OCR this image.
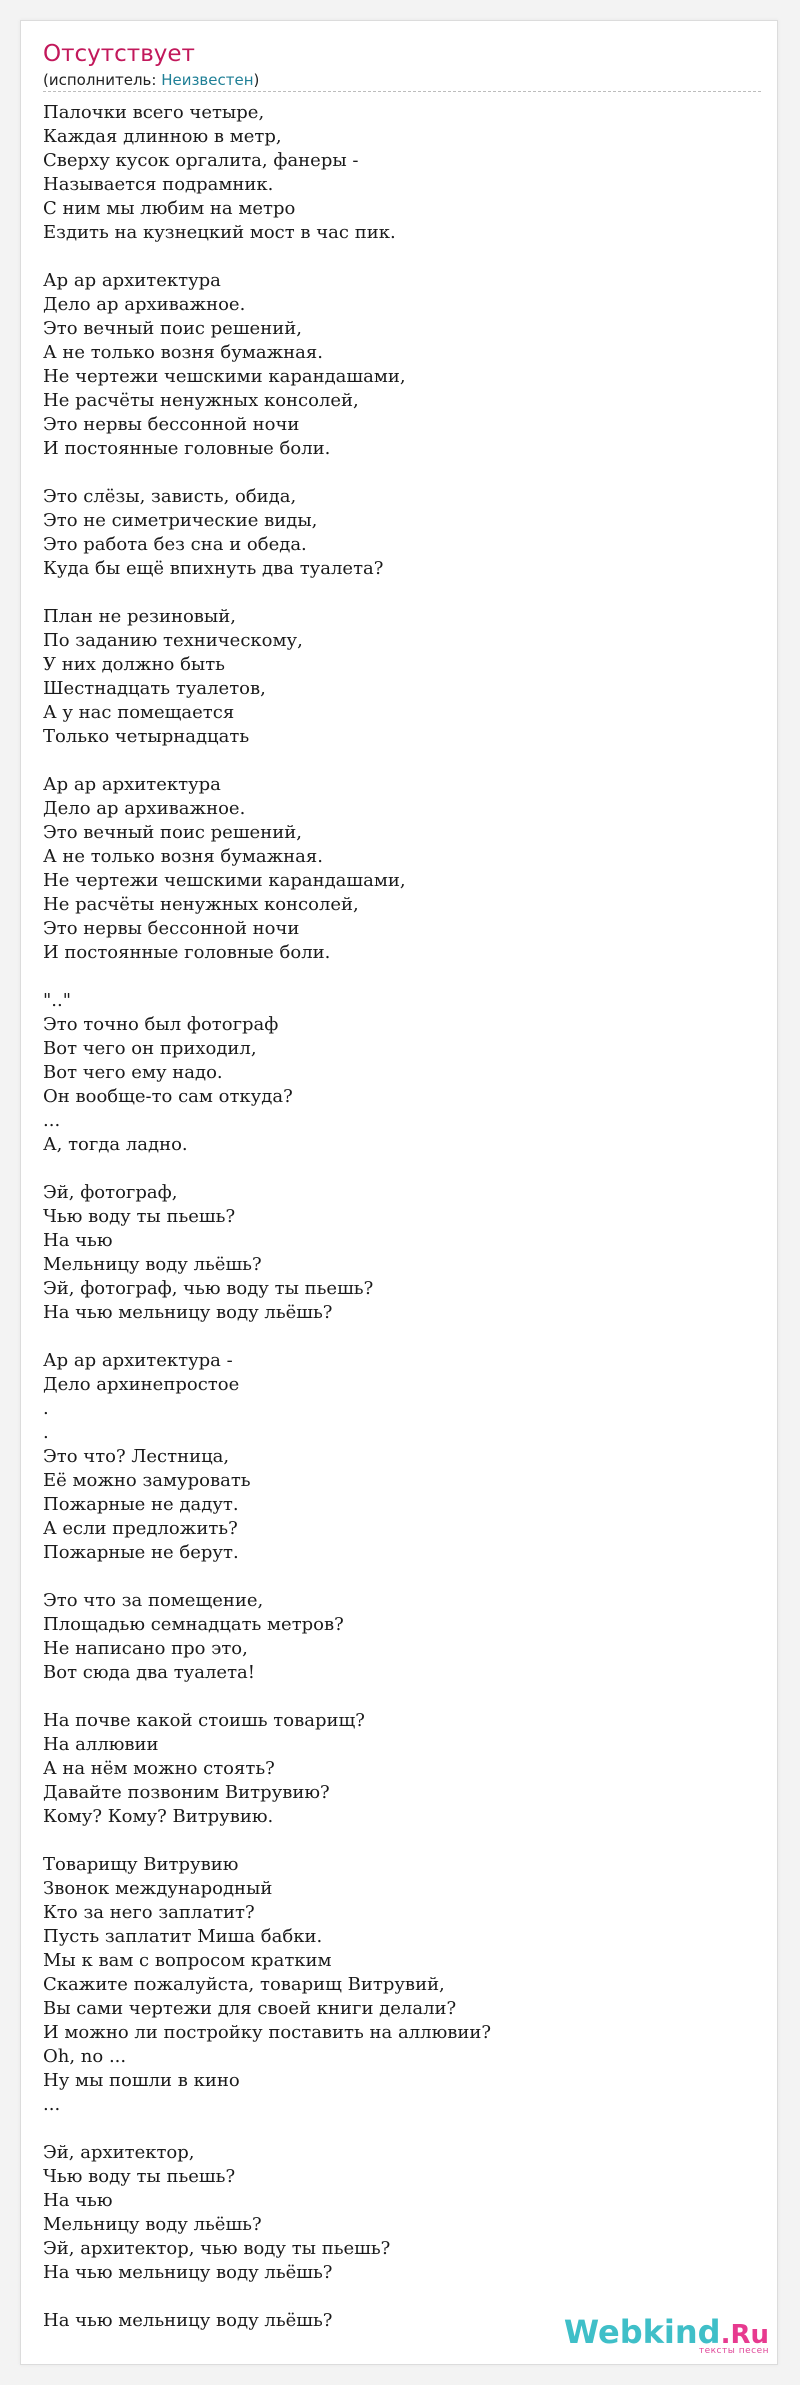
Отсутствует
(исполнитель: Неизвестен)
Палочки всего четыре,
Каждая длинною в метр,
Сверху кусок оргалита, фанеры -
Называется подрамник.
С ним мы любим на метро
Ездить на кузнецкий мост в час пик.

Ар ар архитектура
Дело ар архиважное.
Это вечный поис решений,
А не только возня бумажная.
Не чертежи чешскими карандашами,
Не расчёты ненужных консолей,
Это нервы бессонной ночи
И постоянные головные боли.

Это слёзы, зависть, обида,
Это не симетрические виды,
Это работа без сна и обеда.
Куда бы ещё впихнуть два туалета?

План не резиновый,
По заданию техническому,
У них должно быть
Шестнадцать туалетов,
А у нас помещается
Только четырнадцать

Ар ар архитектура
Дело ар архиважное.
Это вечный поис решений,
А не только возня бумажная.
Не чертежи чешскими карандашами,
Не расчёты ненужных консолей,
Это нервы бессонной ночи
И постоянные головные боли.

".."
Это точно был фотограф
Вот чего он приходил,
Вот чего ему надо.
Он вообще-то сам откуда?
...
А, тогда ладно.

Эй, фотограф,
Чью воду ты пьешь?
На чью
Мельницу воду льёшь?
Эй, фотограф, чью воду ты пьешь?
На чью мельницу воду льёшь?

Ар ар архитектура -
Дело архинепростое
.
.
Это что? Лестница,
Её можно замуровать
Пожарные не дадут.
А если предложить?
Пожарные не берут.

Это что за помещение,
Площадью семнадцать метров?
Не написано про это,
Вот сюда два туалета!

На почве какой стоишь товарищ?
На аллювии
А на нём можно стоять?
Давайте позвоним Витрувию?
Кому? Кому? Витрувию.

Товарищу Витрувию
Звонок международный
Кто за него заплатит?
Пусть заплатит Миша бабки.
Мы к вам с вопросом кратким
Скажите пожалуйста, товарищ Витрувий,
Вы сами чертежи для своей книги делали?
И можно ли постройку поставить на аллювии?
Oh, no ...
Ну мы пошли в кино
...

Эй, архитектор,
Чью воду ты пьешь?
На чью
Мельницу воду льёшь?
Эй, архитектор, чью воду ты пьешь?
На чью мельницу воду льёшь?

На чью мельницу воду льёшь?	Webkind.Ru
тексты песен
